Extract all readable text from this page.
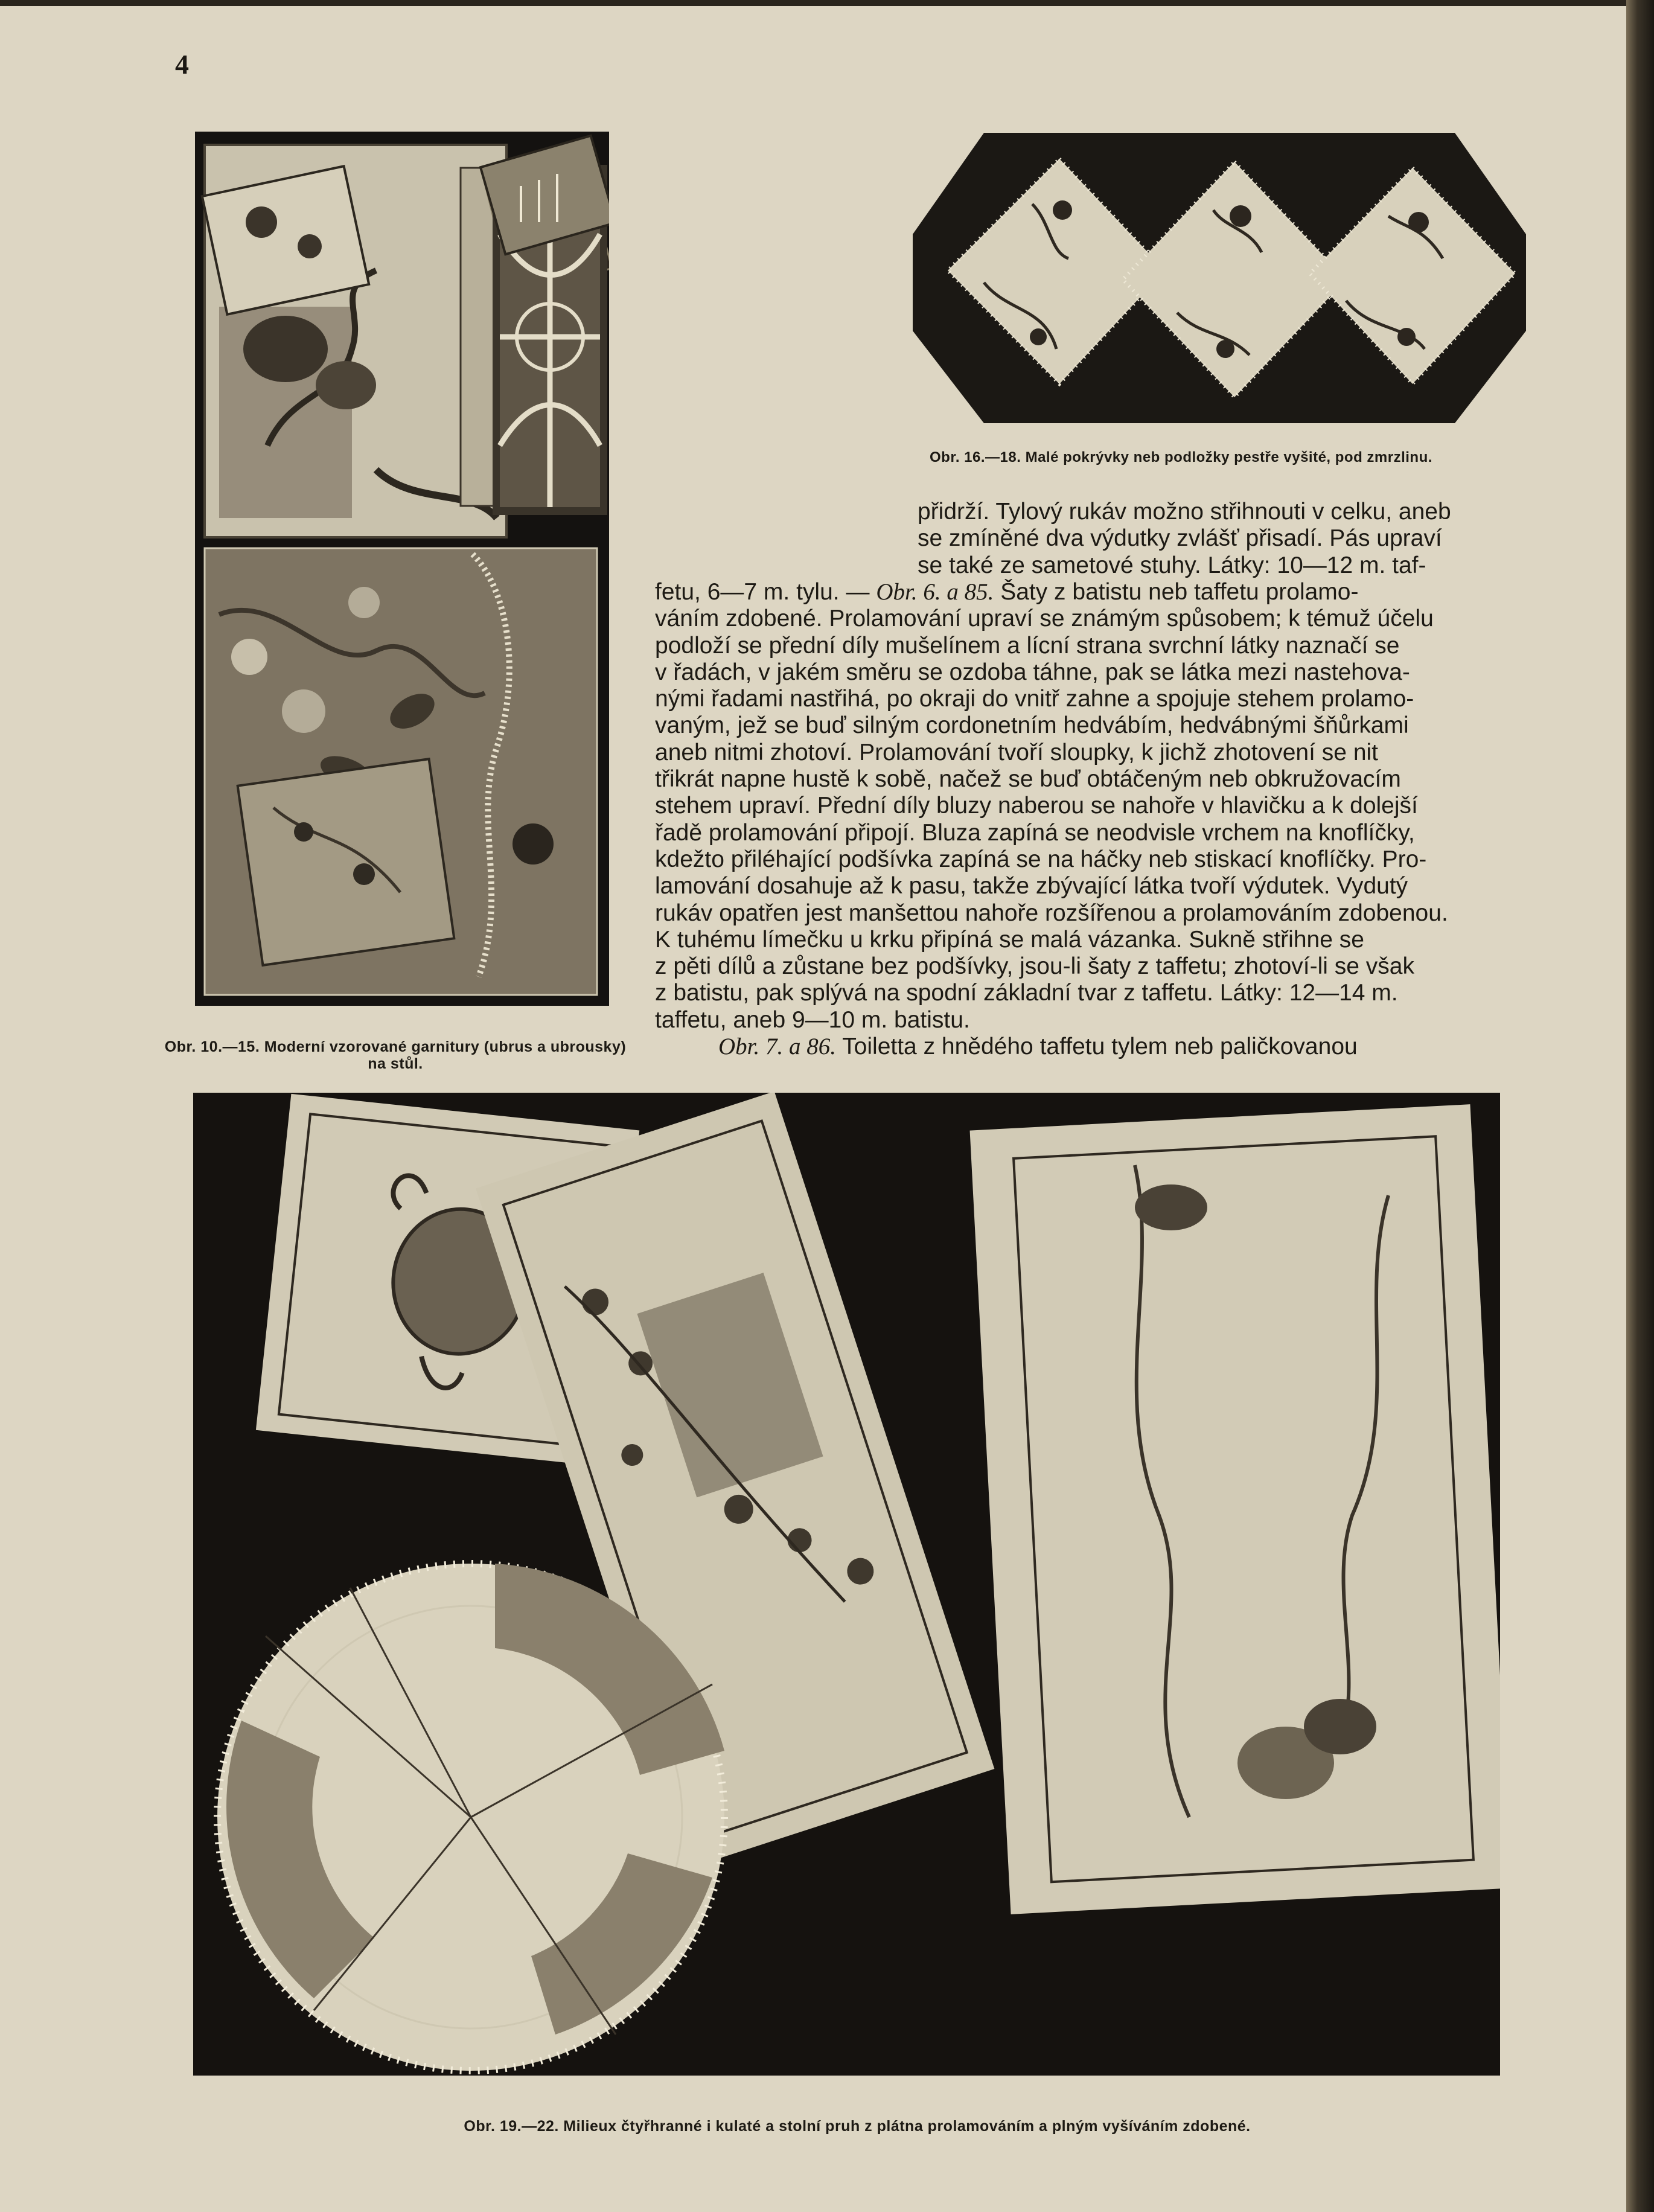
4
Obr. 10.—15. Moderní vzorované garnitury (ubrus a ubrousky)
na stůl.
Obr. 16.—18. Malé pokrývky neb podložky pestře vyšité, pod zmrzlinu.

přidrží. Tylový rukáv možno střihnouti v celku, aneb

se zmíněné dva výdutky zvlášť přisadí. Pás upraví

se také ze sametové stuhy. Látky: 10—12 m. taf-

fetu, 6—7 m. tylu. — Obr. 6. a 85. Šaty z batistu neb taffetu prolamo-

váním zdobené. Prolamování upraví se známým spůsobem; k témuž účelu

podloží se přední díly mušelínem a lícní strana svrchní látky naznačí se

v řadách, v jakém směru se ozdoba táhne, pak se látka mezi nastehova-

nými řadami nastřihá, po okraji do vnitř zahne a spojuje stehem prolamo-

vaným, jež se buď silným cordonetním hedvábím, hedvábnými šňůrkami

aneb nitmi zhotoví. Prolamování tvoří sloupky, k jichž zhotovení se nit

třikrát napne hustě k sobě, načež se buď obtáčeným neb obkružovacím

stehem upraví. Přední díly bluzy naberou se nahoře v hlavičku a k dolejší

řadě prolamování připojí. Bluza zapíná se neodvisle vrchem na knoflíčky,

kdežto přiléhající podšívka zapíná se na háčky neb stiskací knoflíčky. Pro-

lamování dosahuje až k pasu, takže zbývající látka tvoří výdutek. Vydutý

rukáv opatřen jest manšettou nahoře rozšířenou a prolamováním zdobenou.

K tuhému límečku u krku připíná se malá vázanka. Sukně střihne se

z pěti dílů a zůstane bez podšívky, jsou-li šaty z taffetu; zhotoví-li se však

z batistu, pak splývá na spodní základní tvar z taffetu. Látky: 12—14 m.

taffetu, aneb 9—10 m. batistu.

Obr. 7. a 86. Toiletta z hnědého taffetu tylem neb paličkovanou

Obr. 19.—22. Milieux čtyřhranné i kulaté a stolní pruh z plátna prolamováním a plným vyšíváním zdobené.
